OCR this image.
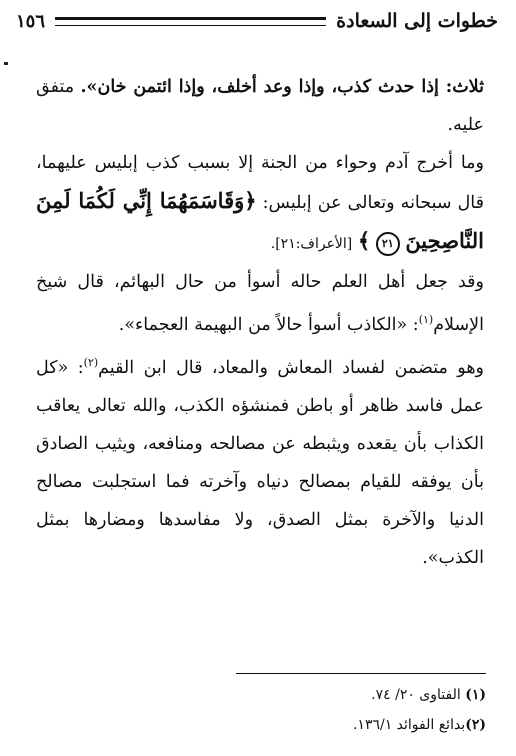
خطوات إلى السعادة
١٥٦

ثلاث: إذا حدث كذب، وإذا وعد أخلف، وإذا ائتمن خان». متفق عليه.

وما أخرج آدم وحواء من الجنة إلا بسبب كذب إبليس عليهما، قال سبحانه وتعالى عن إبليس: ﴿وَقَاسَمَهُمَا إِنِّي لَكُمَا لَمِنَ النَّاصِحِينَ ٢١ ﴾ [الأعراف:٢١].

وقد جعل أهل العلم حاله أسوأ من حال البهائم، قال شيخ الإسلام$^{(١)}$: «الكاذب أسوأ حالاً من البهيمة العجماء».

وهو متضمن لفساد المعاش والمعاد، قال ابن القيم$^{(٢)}$: «كل عمل فاسد ظاهر أو باطن فمنشؤه الكذب، والله تعالى يعاقب الكذاب بأن يقعده ويثبطه عن مصالحه ومنافعه، ويثيب الصادق بأن يوفقه للقيام بمصالح دنياه وآخرته فما استجلبت مصالح الدنيا والآخرة بمثل الصدق، ولا مفاسدها ومضارها بمثل الكذب».

(١) الفتاوى ٢٠/ ٧٤.

(٢)بدائع الفوائد ١٣٦/١.
